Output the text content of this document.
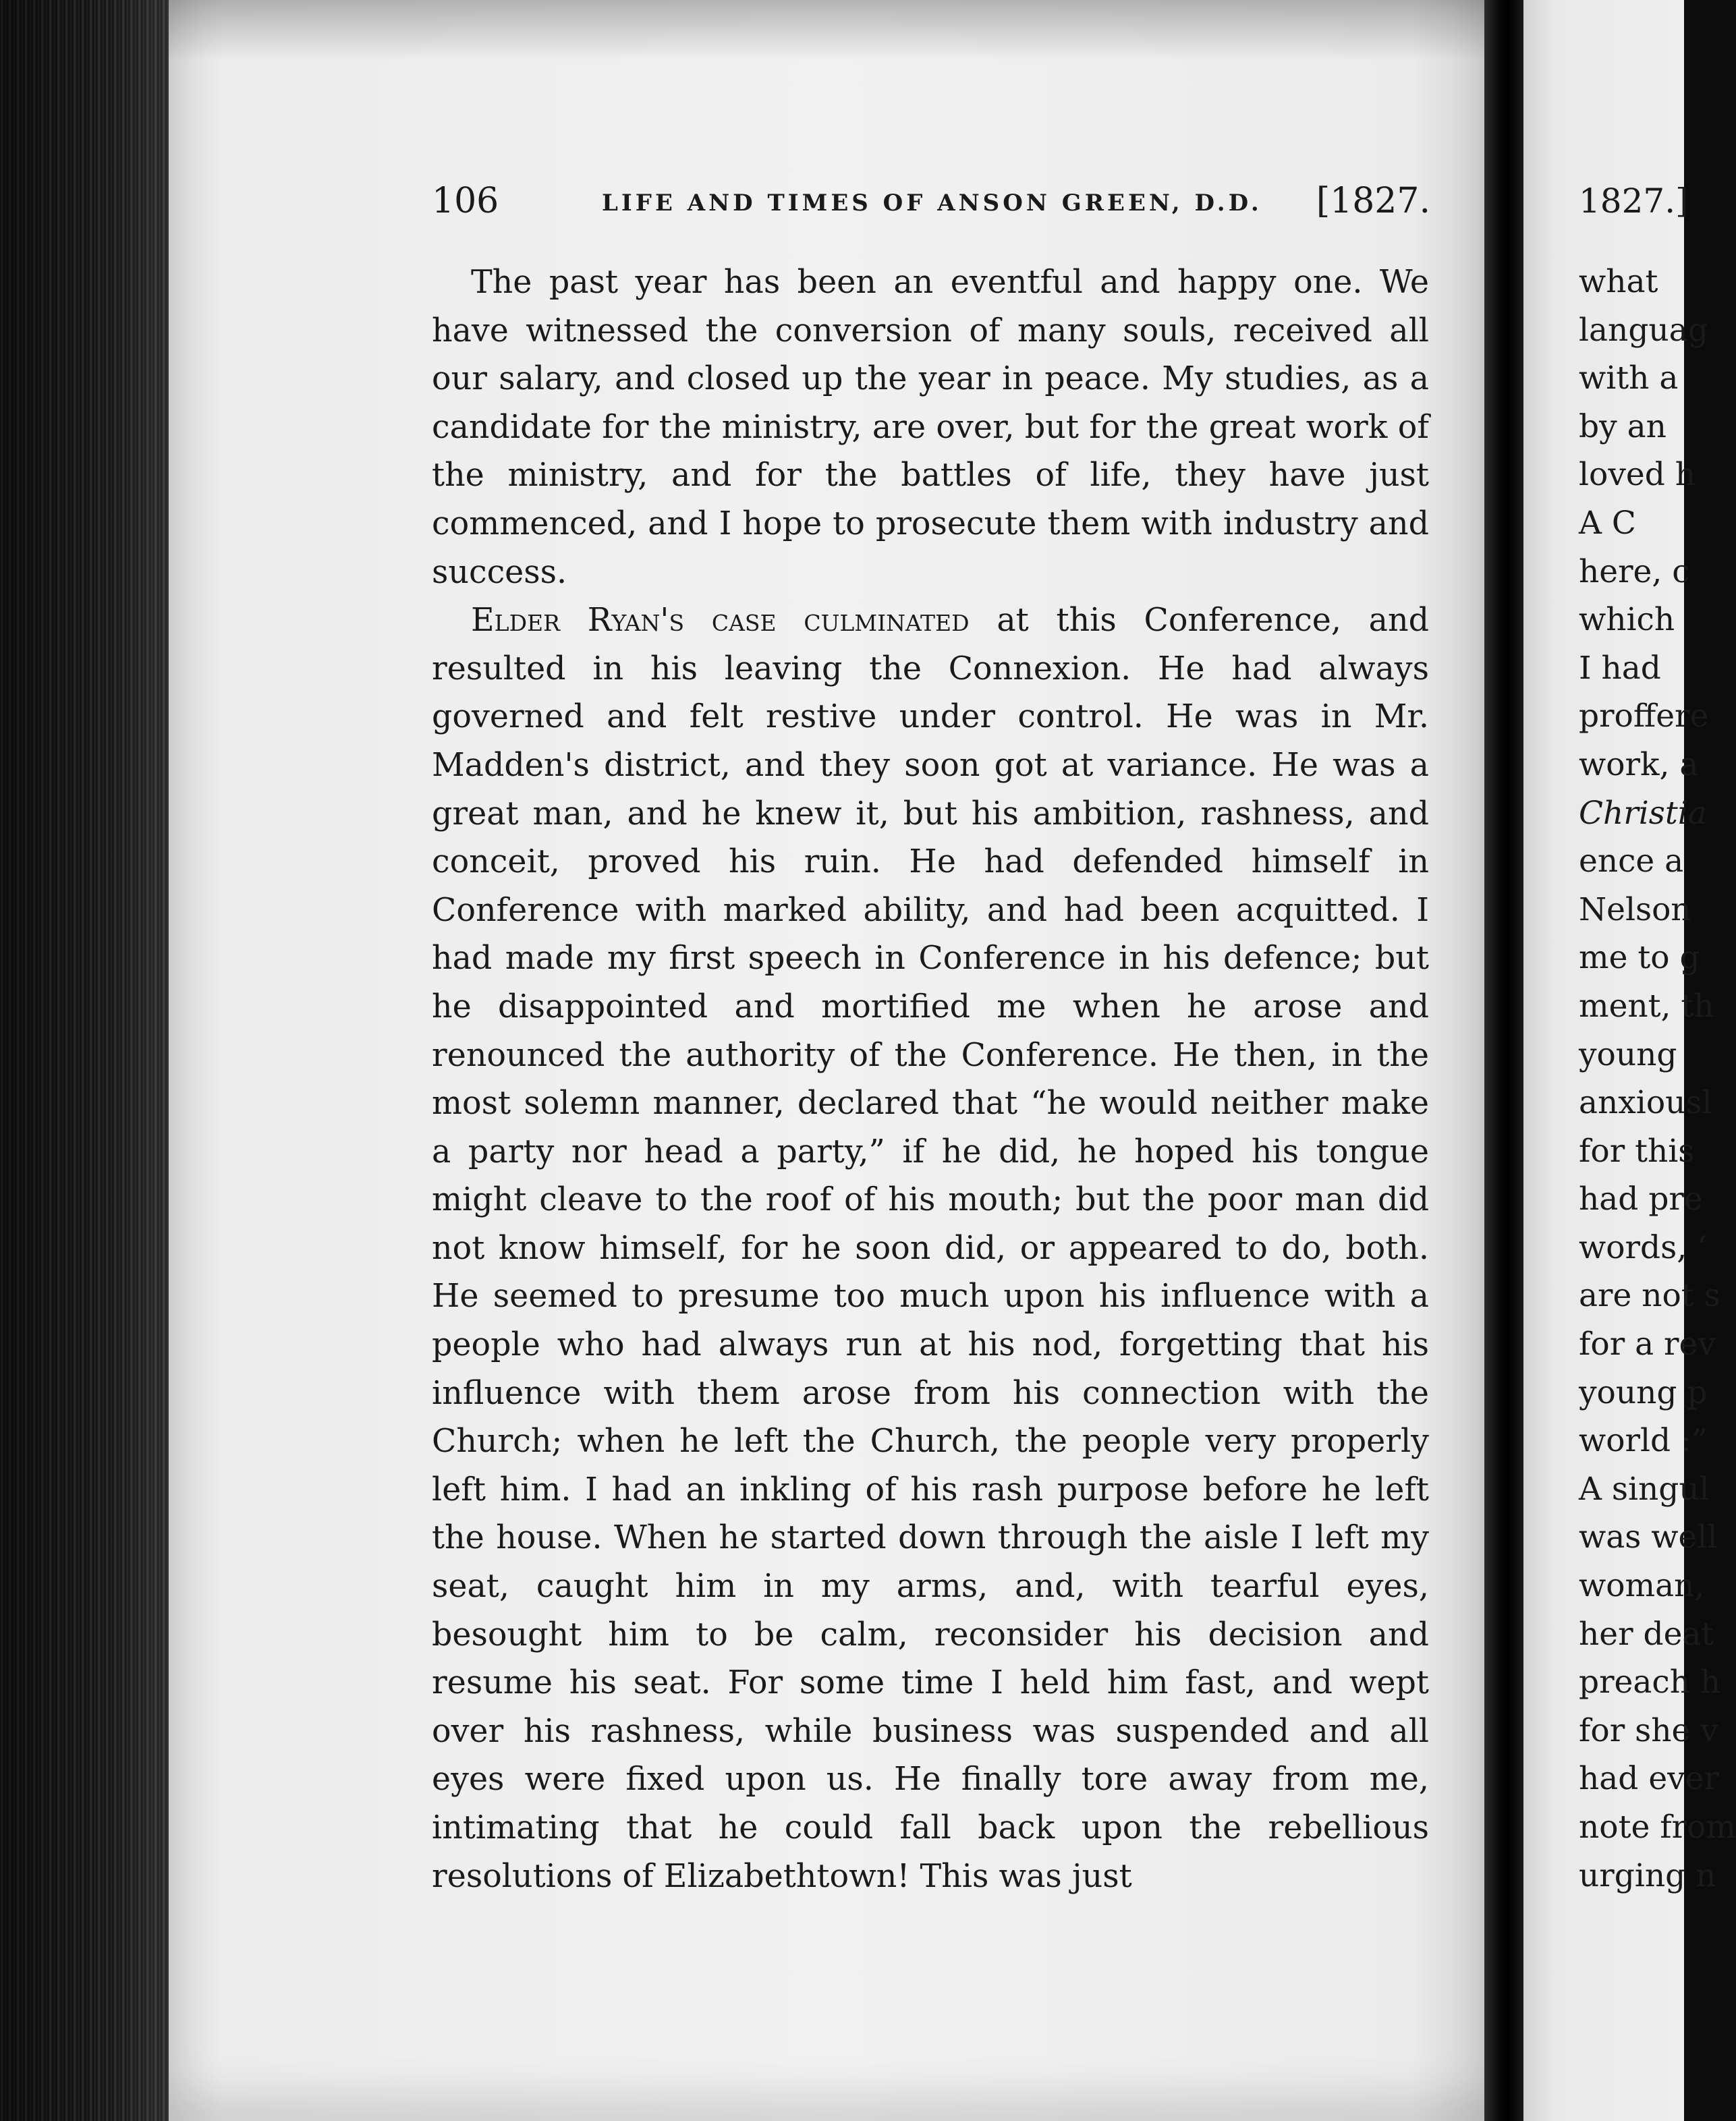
106	LIFE AND TIMES OF ANSON GREEN, D.D. [1827.

The past year has been an eventful and happy one. We have witnessed the conversion of many souls, received all our salary, and closed up the year in peace. My studies, as a candidate for the ministry, are over, but for the great work of the ministry, and for the battles of life, they have just commenced, and I hope to prosecute them with industry and success.

Elder Ryan's case culminated at this Conference, and resulted in his leaving the Connexion. He had always governed and felt restive under control. He was in Mr. Madden's district, and they soon got at variance. He was a great man, and he knew it, but his ambition, rashness, and conceit, proved his ruin. He had defended himself in Conference with marked ability, and had been acquitted. I had made my first speech in Conference in his defence; but he disappointed and mortified me when he arose and renounced the authority of the Conference. He then, in the most solemn manner, declared that “he would neither make a party nor head a party,” if he did, he hoped his tongue might cleave to the roof of his mouth; but the poor man did not know himself, for he soon did, or appeared to do, both. He seemed to presume too much upon his influence with a people who had always run at his nod, forgetting that his influence with them arose from his connection with the Church; when he left the Church, the people very properly left him. I had an inkling of his rash purpose before he left the house. When he started down through the aisle I left my seat, caught him in my arms, and, with tearful eyes, besought him to be calm, reconsider his decision and resume his seat. For some time I held him fast, and wept over his rashness, while business was suspended and all eyes were fixed upon us. He finally tore away from me, intimating that he could fall back upon the rebellious resolutions of Elizabethtown! This was just

1827.]
what
languag
with a
by an
loved h
A C
here, c
which
I had
proffere
work, a
Christia
ence a
Nelson
me to g
ment, th
young
anxiousl
for this
had pre
words, ‘
are not s
for a rev
young p
world :”
A singul
was well
woman,
her deat
preach h
for she v
had ever
note from
urging n
